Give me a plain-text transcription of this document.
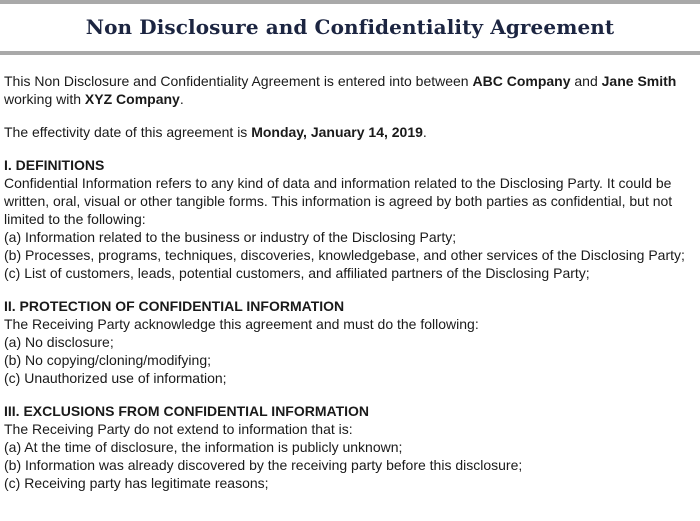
Non Disclosure and Confidentiality Agreement

This Non Disclosure and Confidentiality Agreement is entered into between ABC Company and Jane Smith working with XYZ Company.

The effectivity date of this agreement is Monday, January 14, 2019.

I. DEFINITIONS

Confidential Information refers to any kind of data and information related to the Disclosing Party. It could be written, oral, visual or other tangible forms. This information is agreed by both parties as confidential, but not limited to the following:

(a) Information related to the business or industry of the Disclosing Party;
(b) Processes, programs, techniques, discoveries, knowledgebase, and other services of the Disclosing Party;
(c) List of customers, leads, potential customers, and affiliated partners of the Disclosing Party;

II. PROTECTION OF CONFIDENTIAL INFORMATION

The Receiving Party acknowledge this agreement and must do the following:

(a) No disclosure;
(b) No copying/cloning/modifying;
(c) Unauthorized use of information;

III. EXCLUSIONS FROM CONFIDENTIAL INFORMATION

The Receiving Party do not extend to information that is:

(a) At the time of disclosure, the information is publicly unknown;
(b) Information was already discovered by the receiving party before this disclosure;
(c) Receiving party has legitimate reasons;
